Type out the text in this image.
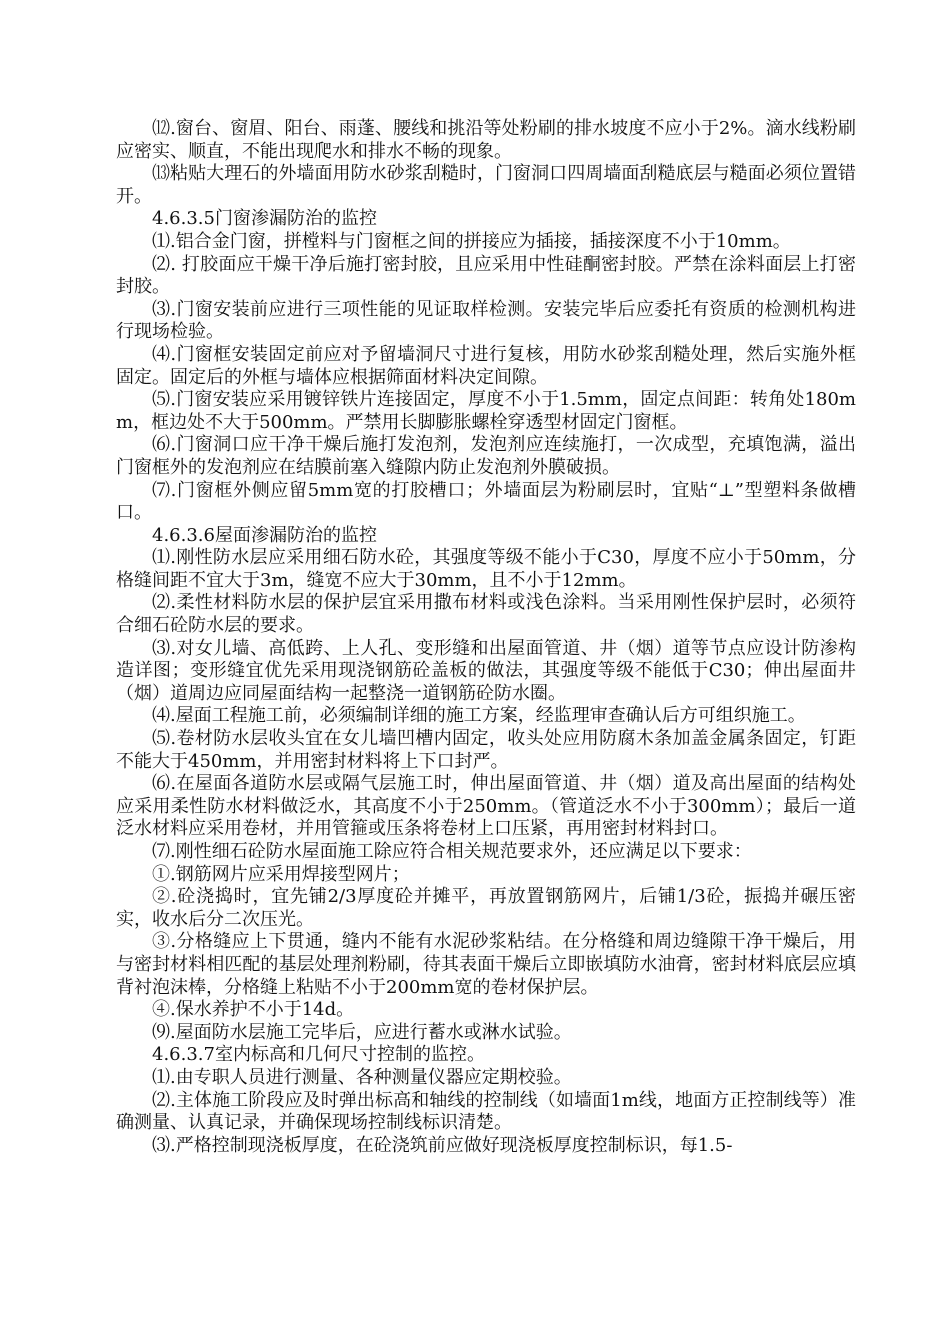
⑿.窗台、窗眉、阳台、雨蓬、腰线和挑沿等处粉刷的排水坡度不应小于2%。滴水线粉刷应密实、顺直，不能出现爬水和排水不畅的现象。

⒀粘贴大理石的外墙面用防水砂浆刮糙时，门窗洞口四周墙面刮糙底层与糙面必须位置错开。

4.6.3.5门窗渗漏防治的监控

⑴.铝合金门窗，拼樘料与门窗框之间的拼接应为插接，插接深度不小于10mm。

⑵. 打胶面应干燥干净后施打密封胶，且应采用中性硅酮密封胶。严禁在涂料面层上打密封胶。

⑶.门窗安装前应进行三项性能的见证取样检测。安装完毕后应委托有资质的检测机构进行现场检验。

⑷.门窗框安装固定前应对予留墙洞尺寸进行复核，用防水砂浆刮糙处理，然后实施外框固定。固定后的外框与墙体应根据筛面材料决定间隙。

⑸.门窗安装应采用镀锌铁片连接固定，厚度不小于1.5mm，固定点间距：转角处180mm，框边处不大于500mm。严禁用长脚膨胀螺栓穿透型材固定门窗框。

⑹.门窗洞口应干净干燥后施打发泡剂，发泡剂应连续施打，一次成型，充填饱满，溢出门窗框外的发泡剂应在结膜前塞入缝隙内防止发泡剂外膜破损。

⑺.门窗框外侧应留5mm宽的打胶槽口；外墙面层为粉刷层时，宜贴“⊥”型塑料条做槽口。

4.6.3.6屋面渗漏防治的监控

⑴.刚性防水层应采用细石防水砼，其强度等级不能小于C30，厚度不应小于50mm，分格缝间距不宜大于3m，缝宽不应大于30mm，且不小于12mm。

⑵.柔性材料防水层的保护层宜采用撒布材料或浅色涂料。当采用刚性保护层时，必须符合细石砼防水层的要求。

⑶.对女儿墙、高低跨、上人孔、变形缝和出屋面管道、井（烟）道等节点应设计防渗构造详图；变形缝宜优先采用现浇钢筋砼盖板的做法，其强度等级不能低于C30；伸出屋面井（烟）道周边应同屋面结构一起整浇一道钢筋砼防水圈。

⑷.屋面工程施工前，必须编制详细的施工方案，经监理审查确认后方可组织施工。

⑸.卷材防水层收头宜在女儿墙凹槽内固定，收头处应用防腐木条加盖金属条固定，钉距不能大于450mm，并用密封材料将上下口封严。

⑹.在屋面各道防水层或隔气层施工时，伸出屋面管道、井（烟）道及高出屋面的结构处应采用柔性防水材料做泛水，其高度不小于250mm。（管道泛水不小于300mm）；最后一道泛水材料应采用卷材，并用管箍或压条将卷材上口压紧，再用密封材料封口。

⑺.刚性细石砼防水屋面施工除应符合相关规范要求外，还应满足以下要求：

①.钢筋网片应采用焊接型网片；

②.砼浇捣时，宜先铺2/3厚度砼并摊平，再放置钢筋网片，后铺1/3砼，振捣并碾压密实，收水后分二次压光。

③.分格缝应上下贯通，缝内不能有水泥砂浆粘结。在分格缝和周边缝隙干净干燥后，用与密封材料相匹配的基层处理剂粉刷，待其表面干燥后立即嵌填防水油膏，密封材料底层应填背衬泡沫棒，分格缝上粘贴不小于200mm宽的卷材保护层。

④.保水养护不小于14d。

⑼.屋面防水层施工完毕后，应进行蓄水或淋水试验。

4.6.3.7室内标高和几何尺寸控制的监控。

⑴.由专职人员进行测量、各种测量仪器应定期校验。

⑵.主体施工阶段应及时弹出标高和轴线的控制线（如墙面1m线，地面方正控制线等）准确测量、认真记录，并确保现场控制线标识清楚。

⑶.严格控制现浇板厚度，在砼浇筑前应做好现浇板厚度控制标识，每1.5-
